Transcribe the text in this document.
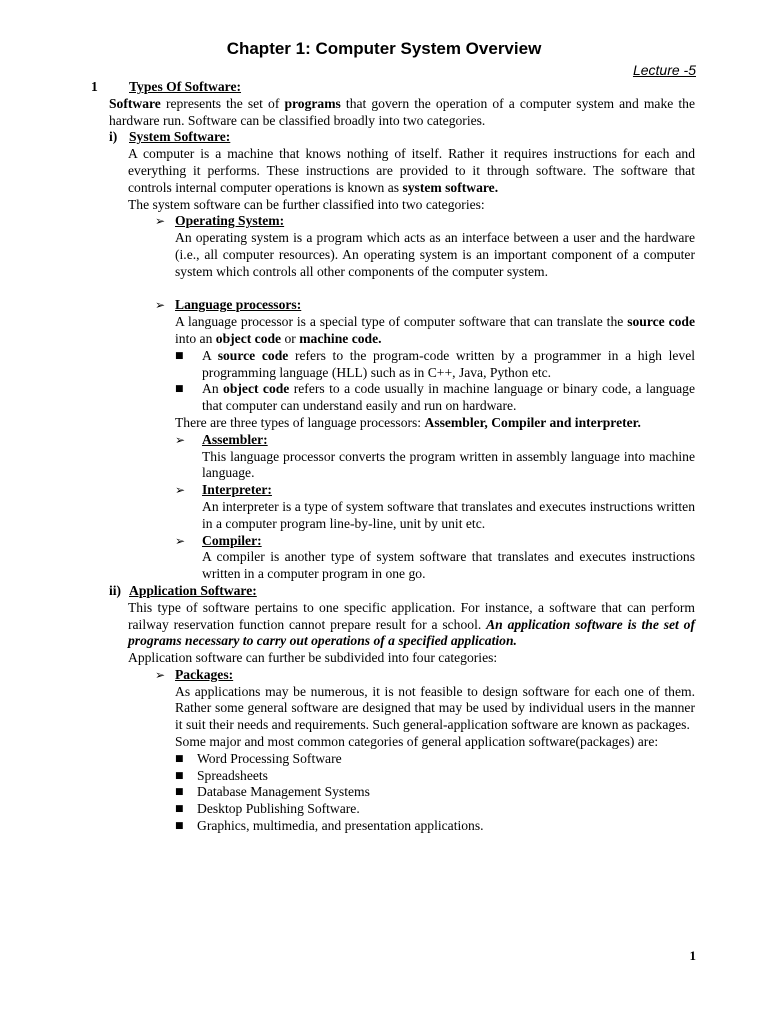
Chapter 1: Computer System Overview
Lecture -5
1	Types Of Software:

Software represents the set of programs that govern the operation of a computer system and make the hardware run. Software can be classified broadly into two categories.

i) System Software:

A computer is a machine that knows nothing of itself. Rather it requires instructions for each and everything it performs. These instructions are provided to it through software. The software that controls internal computer operations is known as system software.

The system software can be further classified into two categories:

➢ Operating System:

An operating system is a program which acts as an interface between a user and the hardware (i.e., all computer resources). An operating system is an important component of a computer system which controls all other components of the computer system.

➢ Language processors:

A language processor is a special type of computer software that can translate the source code into an object code or machine code.

■	A source code refers to the program-code written by a programmer in a high level programming language (HLL) such as in C++, Java, Python etc.

■	An object code refers to a code usually in machine language or binary code, a language that computer can understand easily and run on hardware.

There are three types of language processors: Assembler, Compiler and interpreter.

➢	Assembler:

This language processor converts the program written in assembly language into machine language.

➢	Interpreter:

An interpreter is a type of system software that translates and executes instructions written in a computer program line-by-line, unit by unit etc.

➢	Compiler:

A compiler is another type of system software that translates and executes instructions written in a computer program in one go.

ii) Application Software:

This type of software pertains to one specific application. For instance, a software that can perform railway reservation function cannot prepare result for a school. An application software is the set of programs necessary to carry out operations of a specified application.

Application software can further be subdivided into four categories:

➢ Packages:

As applications may be numerous, it is not feasible to design software for each one of them. Rather some general software are designed that may be used by individual users in the manner it suit their needs and requirements. Such general-application software are known as packages.

Some major and most common categories of general application software(packages) are:

■ Word Processing Software
■ Spreadsheets
■ Database Management Systems
■ Desktop Publishing Software.
■ Graphics, multimedia, and presentation applications.
1
